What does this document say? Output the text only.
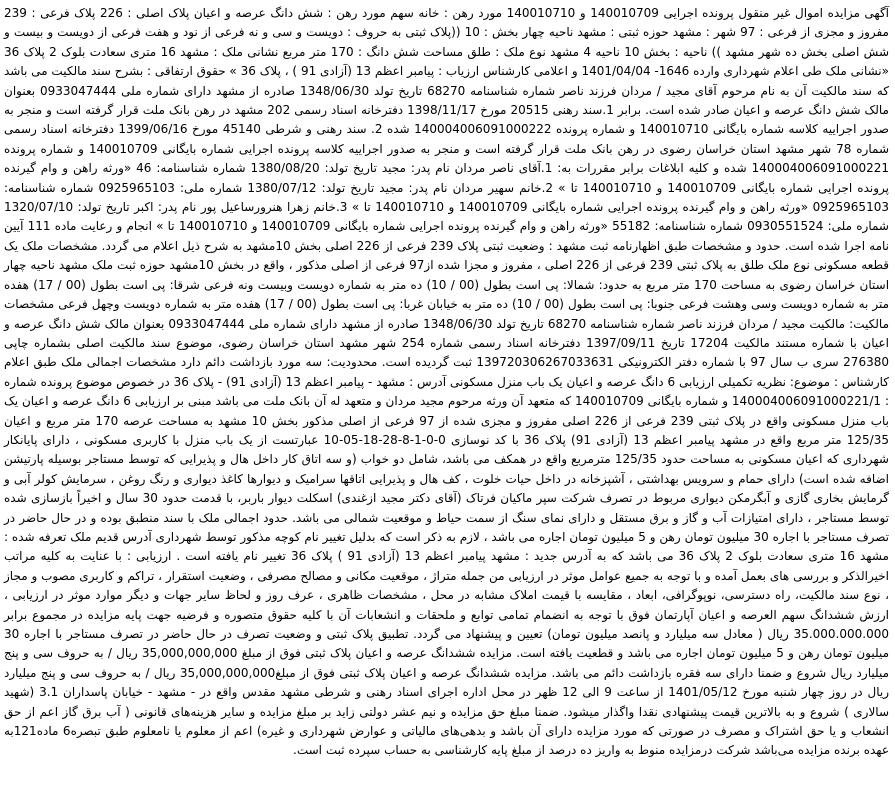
آگهی مزایده اموال غیر منقول پرونده اجرایی 140010709 و 140010710 مورد رهن : خانه سهم مورد رهن : شش دانگ عرصه و اعیان پلاک اصلی : 226 پلاک فرعی : 239 مفروز و مجزی از فرعی : 97 شهر : مشهد حوزه ثبتی : مشهد ناحیه چهار بخش : 10 ((پلاک ثبتی به حروف : دویست و سی و نه فرعی از نود و هفت فرعی از دویست و بیست و شش اصلی بخش ده شهر مشهد )) ناحیه : بخش 10 ناحیه 4 مشهد نوع ملک : طلق مساحت شش دانگ : 170 متر مربع نشانی ملک : مشهد 16 متری سعادت بلوک 2 پلاک 36 «نشانی ملک طی اعلام شهرداری وارده 1646- 1401/04/04 و اعلامی کارشناس ارزیاب : پیامبر اعظم 13 (آزادی 91 ) ، پلاک 36 » حقوق ارتفاقی : بشرح سند مالکیت می باشد که سند مالکیت آن به نام مرحوم آقای مجید / مردان فرزند ناصر شماره شناسنامه 68270 تاریخ تولد 1348/06/30 صادره از مشهد دارای شماره ملی 0933047444 بعنوان مالک شش دانگ عرصه و اعیان صادر شده است. برابر 1.سند رهنی 20515 مورخ 1398/11/17 دفترخانه اسناد رسمی 202 مشهد در رهن بانک ملت قرار گرفته است و منجر به صدور اجراییه کلاسه شماره بایگانی 140010710 و شماره پرونده 140004006091000222 شده 2. سند رهنی و شرطی 45140 مورخ 1399/06/16 دفترخانه اسناد رسمی شماره 78 شهر مشهد استان خراسان رضوی در رهن بانک ملت قرار گرفته است و منجر به صدور اجراییه کلاسه پرونده اجرایی شماره بایگانی 140010709 و شماره پرونده 140004006091000221 شده و کلیه ابلاغات برابر مقررات به: 1.آقای ناصر مردان نام پدر: مجید تاریخ تولد: 1380/08/20 شماره شناسنامه: 46 «ورثه راهن و وام گیرنده پرونده اجرایی شماره بایگانی 140010709 و 140010710 تا » 2.خانم سهیر مردان نام پدر: مجید تاریخ تولد: 1380/07/12 شماره ملی: 0925965103 شماره شناسنامه: 0925965103 «ورثه راهن و وام گیرنده پرونده اجرایی شماره بایگانی 140010709 و 140010710 تا » 3.خانم زهرا هنرورساعیل پور نام پدر: اکبر تاریخ تولد: 1320/07/10 شماره ملی: 0930551524 شماره شناسنامه: 55182 «ورثه راهن و وام گیرنده پرونده اجرایی شماره بایگانی 140010709 و 140010710 تا » انجام و رعایت ماده 111 آیین نامه اجرا شده است. حدود و مشخصات طبق اظهارنامه ثبت مشهد : وضعیت ثبتی پلاک 239 فرعی از 226 اصلی بخش 10مشهد به شرح ذیل اعلام می گردد. مشخصات ملک یک قطعه مسکونی نوع ملک طلق به پلاک ثبتی 239 فرعی از 226 اصلی ، مفروز و مجزا شده از97 فرعی از اصلی مذکور ، واقع در بخش 10مشهد حوزه ثبت ملک مشهد ناحیه چهار استان خراسان رضوی به مساحت 170 متر مربع به حدود: شمالا: پی است بطول (00 / 10) ده متر به شماره دویست وبیست ونه فرعی شرقا: پی است بطول (00 / 17) هفده متر به شماره دویست وسی وهشت فرعی جنوبا: پی است بطول (00 / 10) ده متر به خیابان غربا: پی است بطول (00 / 17) هفده متر به شماره دویست وچهل فرعی مشخصات مالکیت: مالکیت مجید / مردان فرزند ناصر شماره شناسنامه 68270 تاریخ تولد 1348/06/30 صادره از مشهد دارای شماره ملی 0933047444 بعنوان مالک شش دانگ عرصه و اعیان با شماره مستند مالکیت 17204 تاریخ 1397/09/11 دفترخانه اسناد رسمی شماره 254 شهر مشهد استان خراسان رضوی، موضوع سند مالکیت اصلی بشماره چاپی 276380 سری ب سال 97 با شماره دفتر الکترونیکی 139720306267033631 ثبت گردیده است. محدودیت: سه مورد بازداشت دائم دارد مشخصات اجمالی ملک طبق اعلام کارشناس : موضوع: نظریه تکمیلی ارزیابی 6 دانگ عرصه و اعیان یک باب منزل مسکونی آدرس : مشهد - پیامبر اعظم 13 (آزادی 91) - پلاک 36 در خصوص موضوع پرونده شماره : 140004006091000221/1 و شماره بایگانی 140010709 که متعهد آن ورثه مرحوم مجید مردان و متعهد له آن بانک ملت می باشد مبنی بر ارزیابی 6 دانگ عرصه و اعیان یک باب منزل مسکونی واقع در پلاک ثبتی 239 فرعی از 226 اصلی مفروز و مجزی شده از 97 فرعی از اصلی مذکور بخش 10 مشهد به مساحت عرصه 170 متر مربع و اعیان 125/35 متر مربع واقع در مشهد پیامبر اعظم 13 (آزادی 91) پلاک 36 با کد نوسازی 0-0-1-8-28-18-05-10 عبارتست از یک باب منزل با کاربری مسکونی ، دارای پایانکار شهرداری که اعیان مسکونی به مساحت حدود 125/35 مترمربع واقع در همکف می باشد، شامل دو خواب (و سه اتاق کار داخل هال و پذیرایی که توسط مستاجر بوسیله پارتیشن اضافه شده است) دارای حمام و سرویس بهداشتی ، آشپزخانه در داخل حیات خلوت ، کف هال و پذیرایی اتاقها سرامیک و دیوارها کاغذ دیواری و رنگ روغن ، سرمایش کولر آبی و گرمایش بخاری گازی و آبگرمکن دیواری مربوط در تصرف شرکت سپر ماکیان فرتاک (آقای دکتر مجید ازغندی) اسکلت دیوار باربر، با قدمت حدود 30 سال و اخیراً بازسازی شده توسط مستاجر ، دارای امتیازات آب و گاز و برق مستقل و دارای نمای سنگ از سمت حیاط و موقعیت شمالی می باشد. حدود اجمالی ملک با سند منطبق بوده و در حال حاضر در تصرف مستاجر با اجاره 30 میلیون تومان رهن و 5 میلیون تومان اجاره می باشد ، لازم به ذکر است که بدلیل تغییر نام کوچه مذکور توسط شهرداری آدرس قدیم ملک تعرفه شده : مشهد 16 متری سعادت بلوک 2 پلاک 36 می باشد که به آدرس جدید : مشهد پیامبر اعظم 13 (آزادی 91 ) پلاک 36 تغییر نام یافته است . ارزیابی : با عنایت به کلیه مراتب اخیرالذکر و بررسی های بعمل آمده و با توجه به جمیع عوامل موثر در ارزیابی من جمله متراژ ، موقعیت مکانی و مصالح مصرفی ، وضعیت استقرار ، تراکم و کاربری مصوب و مجاز ، نوع سند مالکیت، راه دسترسی، نوپوگرافی، ابعاد ، مقایسه با قیمت املاک مشابه در محل ، مشخصات ظاهری ، عرف روز و لحاظ سایر جهات و دیگر موارد موثر در ارزیابی ، ارزش ششدانگ سهم العرصه و اعیان آپارتمان فوق با توجه به انضمام تمامی توابع و ملحقات و انشعابات آن با کلیه حقوق متصوره و فرضیه جهت پایه مزایده در مجموع برابر 35.000.000.000 ریال ( معادل سه میلیارد و پانصد میلیون تومان) تعیین و پیشنهاد می گردد. تطبیق پلاک ثبتی و وضعیت تصرف در حال حاضر در تصرف مستاجر با اجاره 30 میلیون تومان رهن و 5 میلیون تومان اجاره می باشد و قطعیت یافته است. مزایده ششدانگ عرصه و اعیان پلاک ثبتی فوق از مبلغ 35,000,000,000 ریال / به حروف سی و پنج میلیارد ریال شروع و ضمنا دارای سه فقره بازداشت دائم می باشد. مزایده ششدانگ عرصه و اعیان پلاک ثبتی فوق از مبلغ35,000,000,000 ریال / به حروف سی و پنج میلیارد ریال در روز چهار شنبه مورخ 1401/05/12 از ساعت 9 الی 12 ظهر در محل اداره اجرای اسناد رهنی و شرطی مشهد مقدس واقع در - مشهد - خیابان پاسداران 3.1 (شهید سالاری ) شروع و به بالاترین قیمت پیشنهادی نقدا واگذار میشود. ضمنا مبلغ حق مزایده و نیم عشر دولتی زاید بر مبلغ مزایده و سایر هزینه‌های قانونی ( آب برق گاز اعم از حق انشعاب و یا حق اشتراک و مصرف در صورتی که مورد مزایده دارای آن باشد و بدهی‌های مالیاتی و عوارض شهرداری و غیره) اعم از معلوم یا نامعلوم طبق تبصره6 ماده121به عهده برنده مزایده می‌باشد شرکت درمزایده منوط به واریز ده درصد از مبلغ پایه کارشناسی به حساب سپرده ثبت است.
